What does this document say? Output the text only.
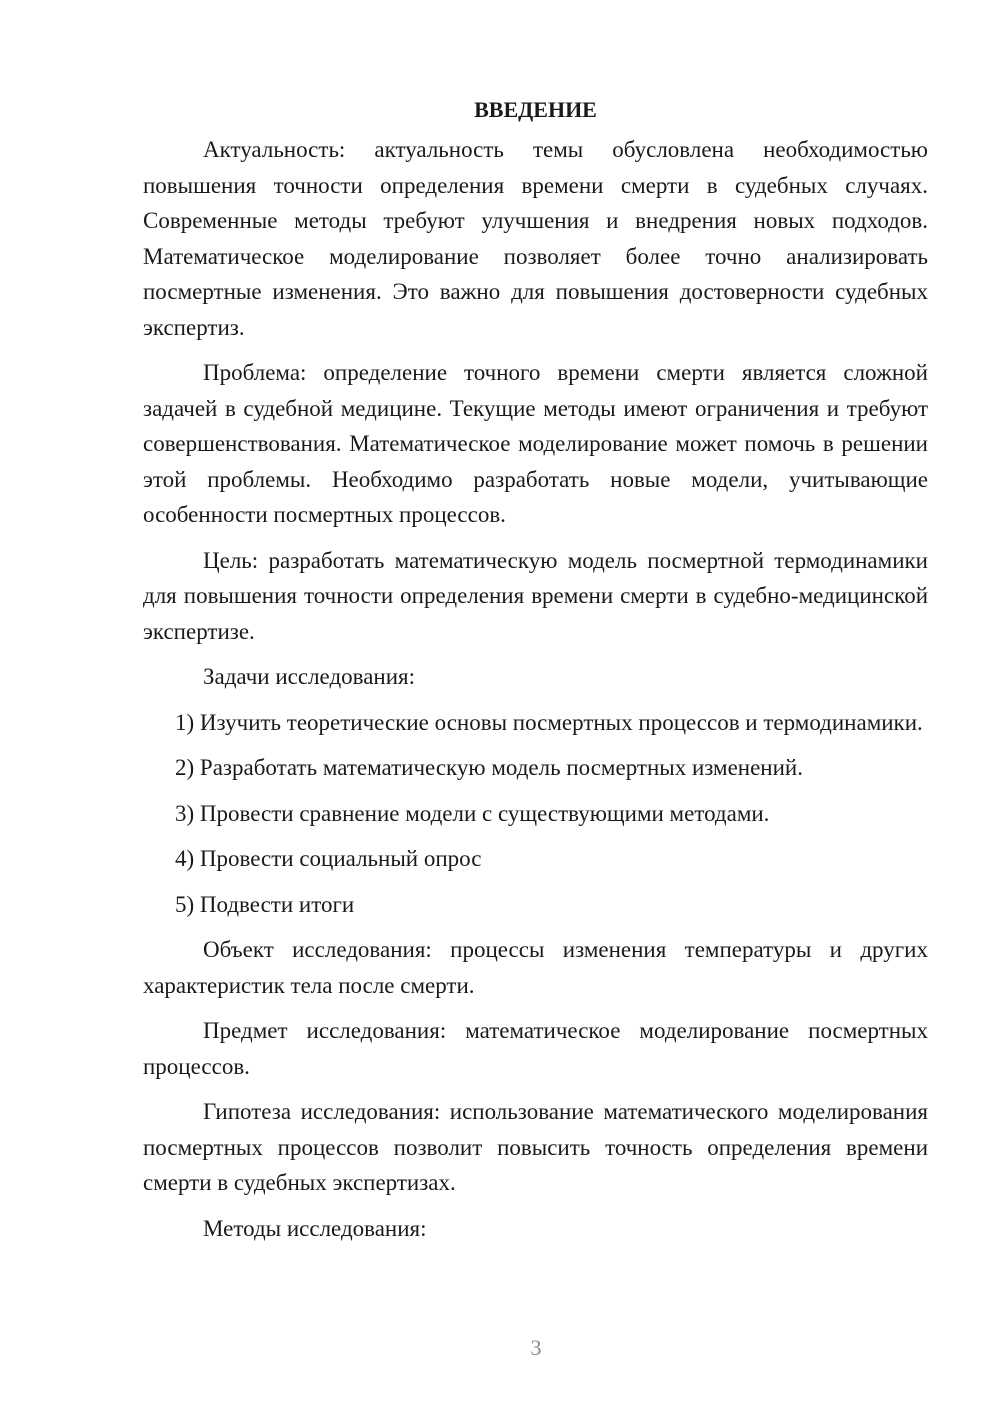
ВВЕДЕНИЕ

Актуальность: актуальность темы обусловлена необходимостью повышения точности определения времени смерти в судебных случаях. Современные методы требуют улучшения и внедрения новых подходов. Математическое моделирование позволяет более точно анализировать посмертные изменения. Это важно для повышения достоверности судебных экспертиз.

Проблема: определение точного времени смерти является сложной задачей в судебной медицине. Текущие методы имеют ограничения и требуют совершенствования. Математическое моделирование может помочь в решении этой проблемы. Необходимо разработать новые модели, учитывающие особенности посмертных процессов.

Цель: разработать математическую модель посмертной термодинамики для повышения точности определения времени смерти в судебно-медицинской экспертизе.

Задачи исследования:

1) Изучить теоретические основы посмертных процессов и термодинамики.

2) Разработать математическую модель посмертных изменений.

3) Провести сравнение модели с существующими методами.

4) Провести социальный опрос

5) Подвести итоги

Объект исследования: процессы изменения температуры и других характеристик тела после смерти.

Предмет исследования: математическое моделирование посмертных процессов.

Гипотеза исследования: использование математического моделирования посмертных процессов позволит повысить точность определения времени смерти в судебных экспертизах.

Методы исследования:

3
